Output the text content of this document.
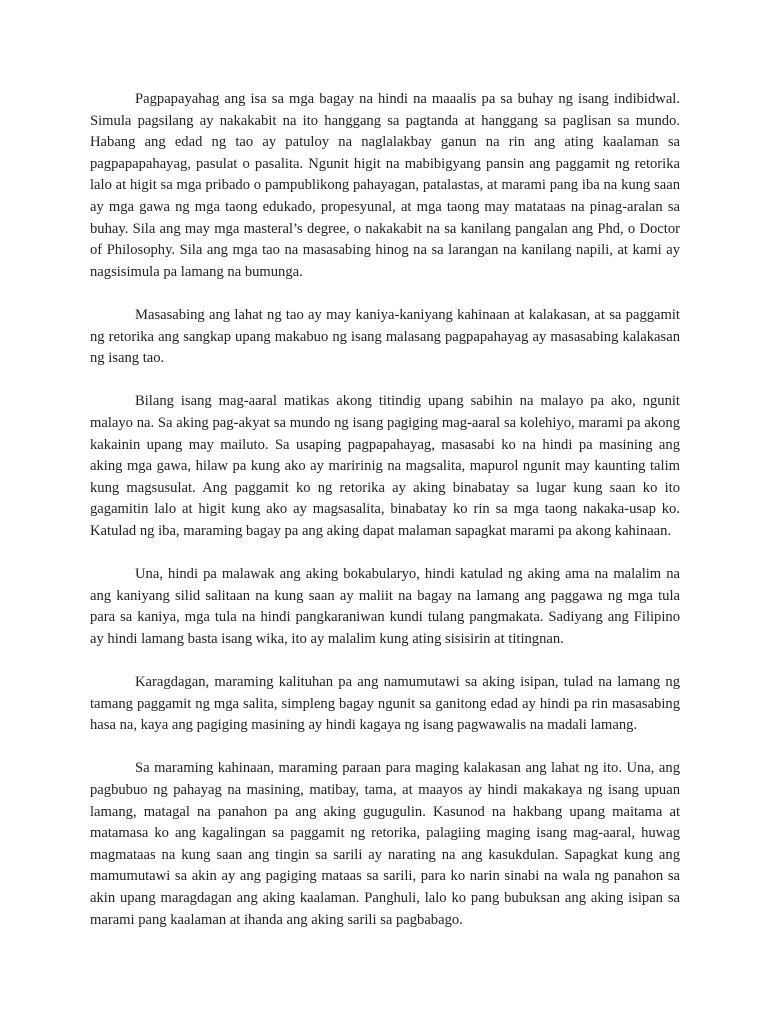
Pagpapayahag ang isa sa mga bagay na hindi na maaalis pa sa buhay ng isang indibidwal. Simula pagsilang ay nakakabit na ito hanggang sa pagtanda at hanggang sa paglisan sa mundo. Habang ang edad ng tao ay patuloy na naglalakbay ganun na rin ang ating kaalaman sa pagpapapahayag, pasulat o pasalita. Ngunit higit na mabibigyang pansin ang paggamit ng retorika lalo at higit sa mga pribado o pampublikong pahayagan, patalastas, at marami pang iba na kung saan ay mga gawa ng mga taong edukado, propesyunal, at mga taong may matataas na pinag-aralan sa buhay. Sila ang may mga masteral’s degree, o nakakabit na sa kanilang pangalan ang Phd, o Doctor of Philosophy. Sila ang mga tao na masasabing hinog na sa larangan na kanilang napili, at kami ay nagsisimula pa lamang na bumunga.

Masasabing ang lahat ng tao ay may kaniya-kaniyang kahinaan at kalakasan, at sa paggamit ng retorika ang sangkap upang makabuo ng isang malasang pagpapahayag ay masasabing kalakasan ng isang tao.

Bilang isang mag-aaral matikas akong titindig upang sabihin na malayo pa ako, ngunit malayo na. Sa aking pag-akyat sa mundo ng isang pagiging mag-aaral sa kolehiyo, marami pa akong kakainin upang may mailuto. Sa usaping pagpapahayag, masasabi ko na hindi pa masining ang aking mga gawa, hilaw pa kung ako ay maririnig na magsalita, mapurol ngunit may kaunting talim kung magsusulat. Ang paggamit ko ng retorika ay aking binabatay sa lugar kung saan ko ito gagamitin lalo at higit kung ako ay magsasalita, binabatay ko rin sa mga taong nakaka-usap ko. Katulad ng iba, maraming bagay pa ang aking dapat malaman sapagkat marami pa akong kahinaan.

Una, hindi pa malawak ang aking bokabularyo, hindi katulad ng aking ama na malalim na ang kaniyang silid salitaan na kung saan ay maliit na bagay na lamang ang paggawa ng mga tula para sa kaniya, mga tula na hindi pangkaraniwan kundi tulang pangmakata. Sadiyang ang Filipino ay hindi lamang basta isang wika, ito ay malalim kung ating sisisirin at titingnan.

Karagdagan, maraming kalituhan pa ang namumutawi sa aking isipan, tulad na lamang ng tamang paggamit ng mga salita, simpleng bagay ngunit sa ganitong edad ay hindi pa rin masasabing hasa na, kaya ang pagiging masining ay hindi kagaya ng isang pagwawalis na madali lamang.

Sa maraming kahinaan, maraming paraan para maging kalakasan ang lahat ng ito. Una, ang pagbubuo ng pahayag na masining, matibay, tama, at maayos ay hindi makakaya ng isang upuan lamang, matagal na panahon pa ang aking gugugulin. Kasunod na hakbang upang maitama at matamasa ko ang kagalingan sa paggamit ng retorika, palagiing maging isang mag-aaral, huwag magmataas na kung saan ang tingin sa sarili ay narating na ang kasukdulan. Sapagkat kung ang mamumutawi sa akin ay ang pagiging mataas sa sarili, para ko narin sinabi na wala ng panahon sa akin upang maragdagan ang aking kaalaman. Panghuli, lalo ko pang bubuksan ang aking isipan sa marami pang kaalaman at ihanda ang aking sarili sa pagbabago.
